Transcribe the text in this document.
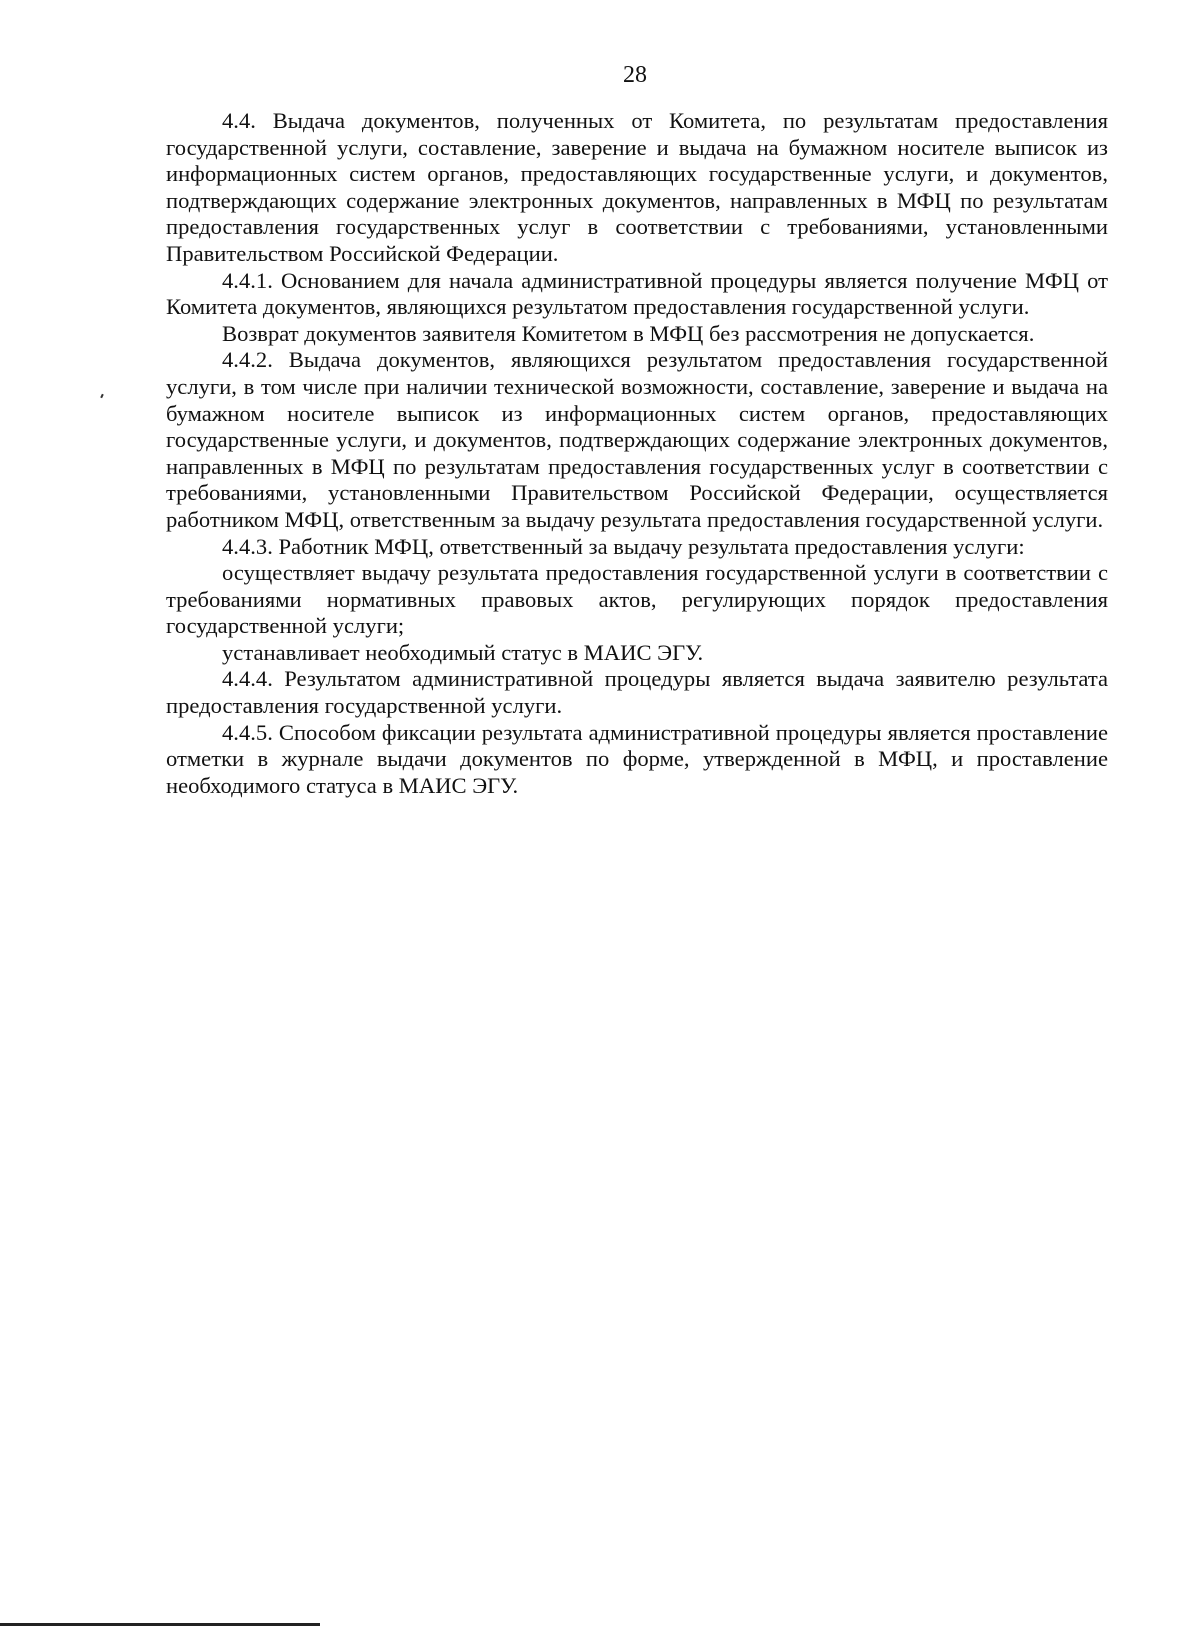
28

4.4. Выдача документов, полученных от Комитета, по результатам предоставления государственной услуги, составление, заверение и выдача на бумажном носителе выписок из информационных систем органов, предоставляющих государственные услуги, и документов, подтверждающих содержание электронных документов, направленных в МФЦ по результатам предоставления государственных услуг в соответствии с требованиями, установленными Правительством Российской Федерации.

4.4.1. Основанием для начала административной процедуры является получение МФЦ от Комитета документов, являющихся результатом предоставления государственной услуги.

Возврат документов заявителя Комитетом в МФЦ без рассмотрения не допускается.

4.4.2. Выдача документов, являющихся результатом предоставления государственной услуги, в том числе при наличии технической возможности, составление, заверение и выдача на бумажном носителе выписок из информационных систем органов, предоставляющих государственные услуги, и документов, подтверждающих содержание электронных документов, направленных в МФЦ по результатам предоставления государственных услуг в соответствии с требованиями, установленными Правительством Российской Федерации, осуществляется работником МФЦ, ответственным за выдачу результата предоставления государственной услуги.

4.4.3. Работник МФЦ, ответственный за выдачу результата предоставления услуги:

осуществляет выдачу результата предоставления государственной услуги в соответствии с требованиями нормативных правовых актов, регулирующих порядок предоставления государственной услуги;

устанавливает необходимый статус в МАИС ЭГУ.

4.4.4. Результатом административной процедуры является выдача заявителю результата предоставления государственной услуги.

4.4.5. Способом фиксации результата административной процедуры является проставление отметки в журнале выдачи документов по форме, утвержденной в МФЦ, и проставление необходимого статуса в МАИС ЭГУ.
